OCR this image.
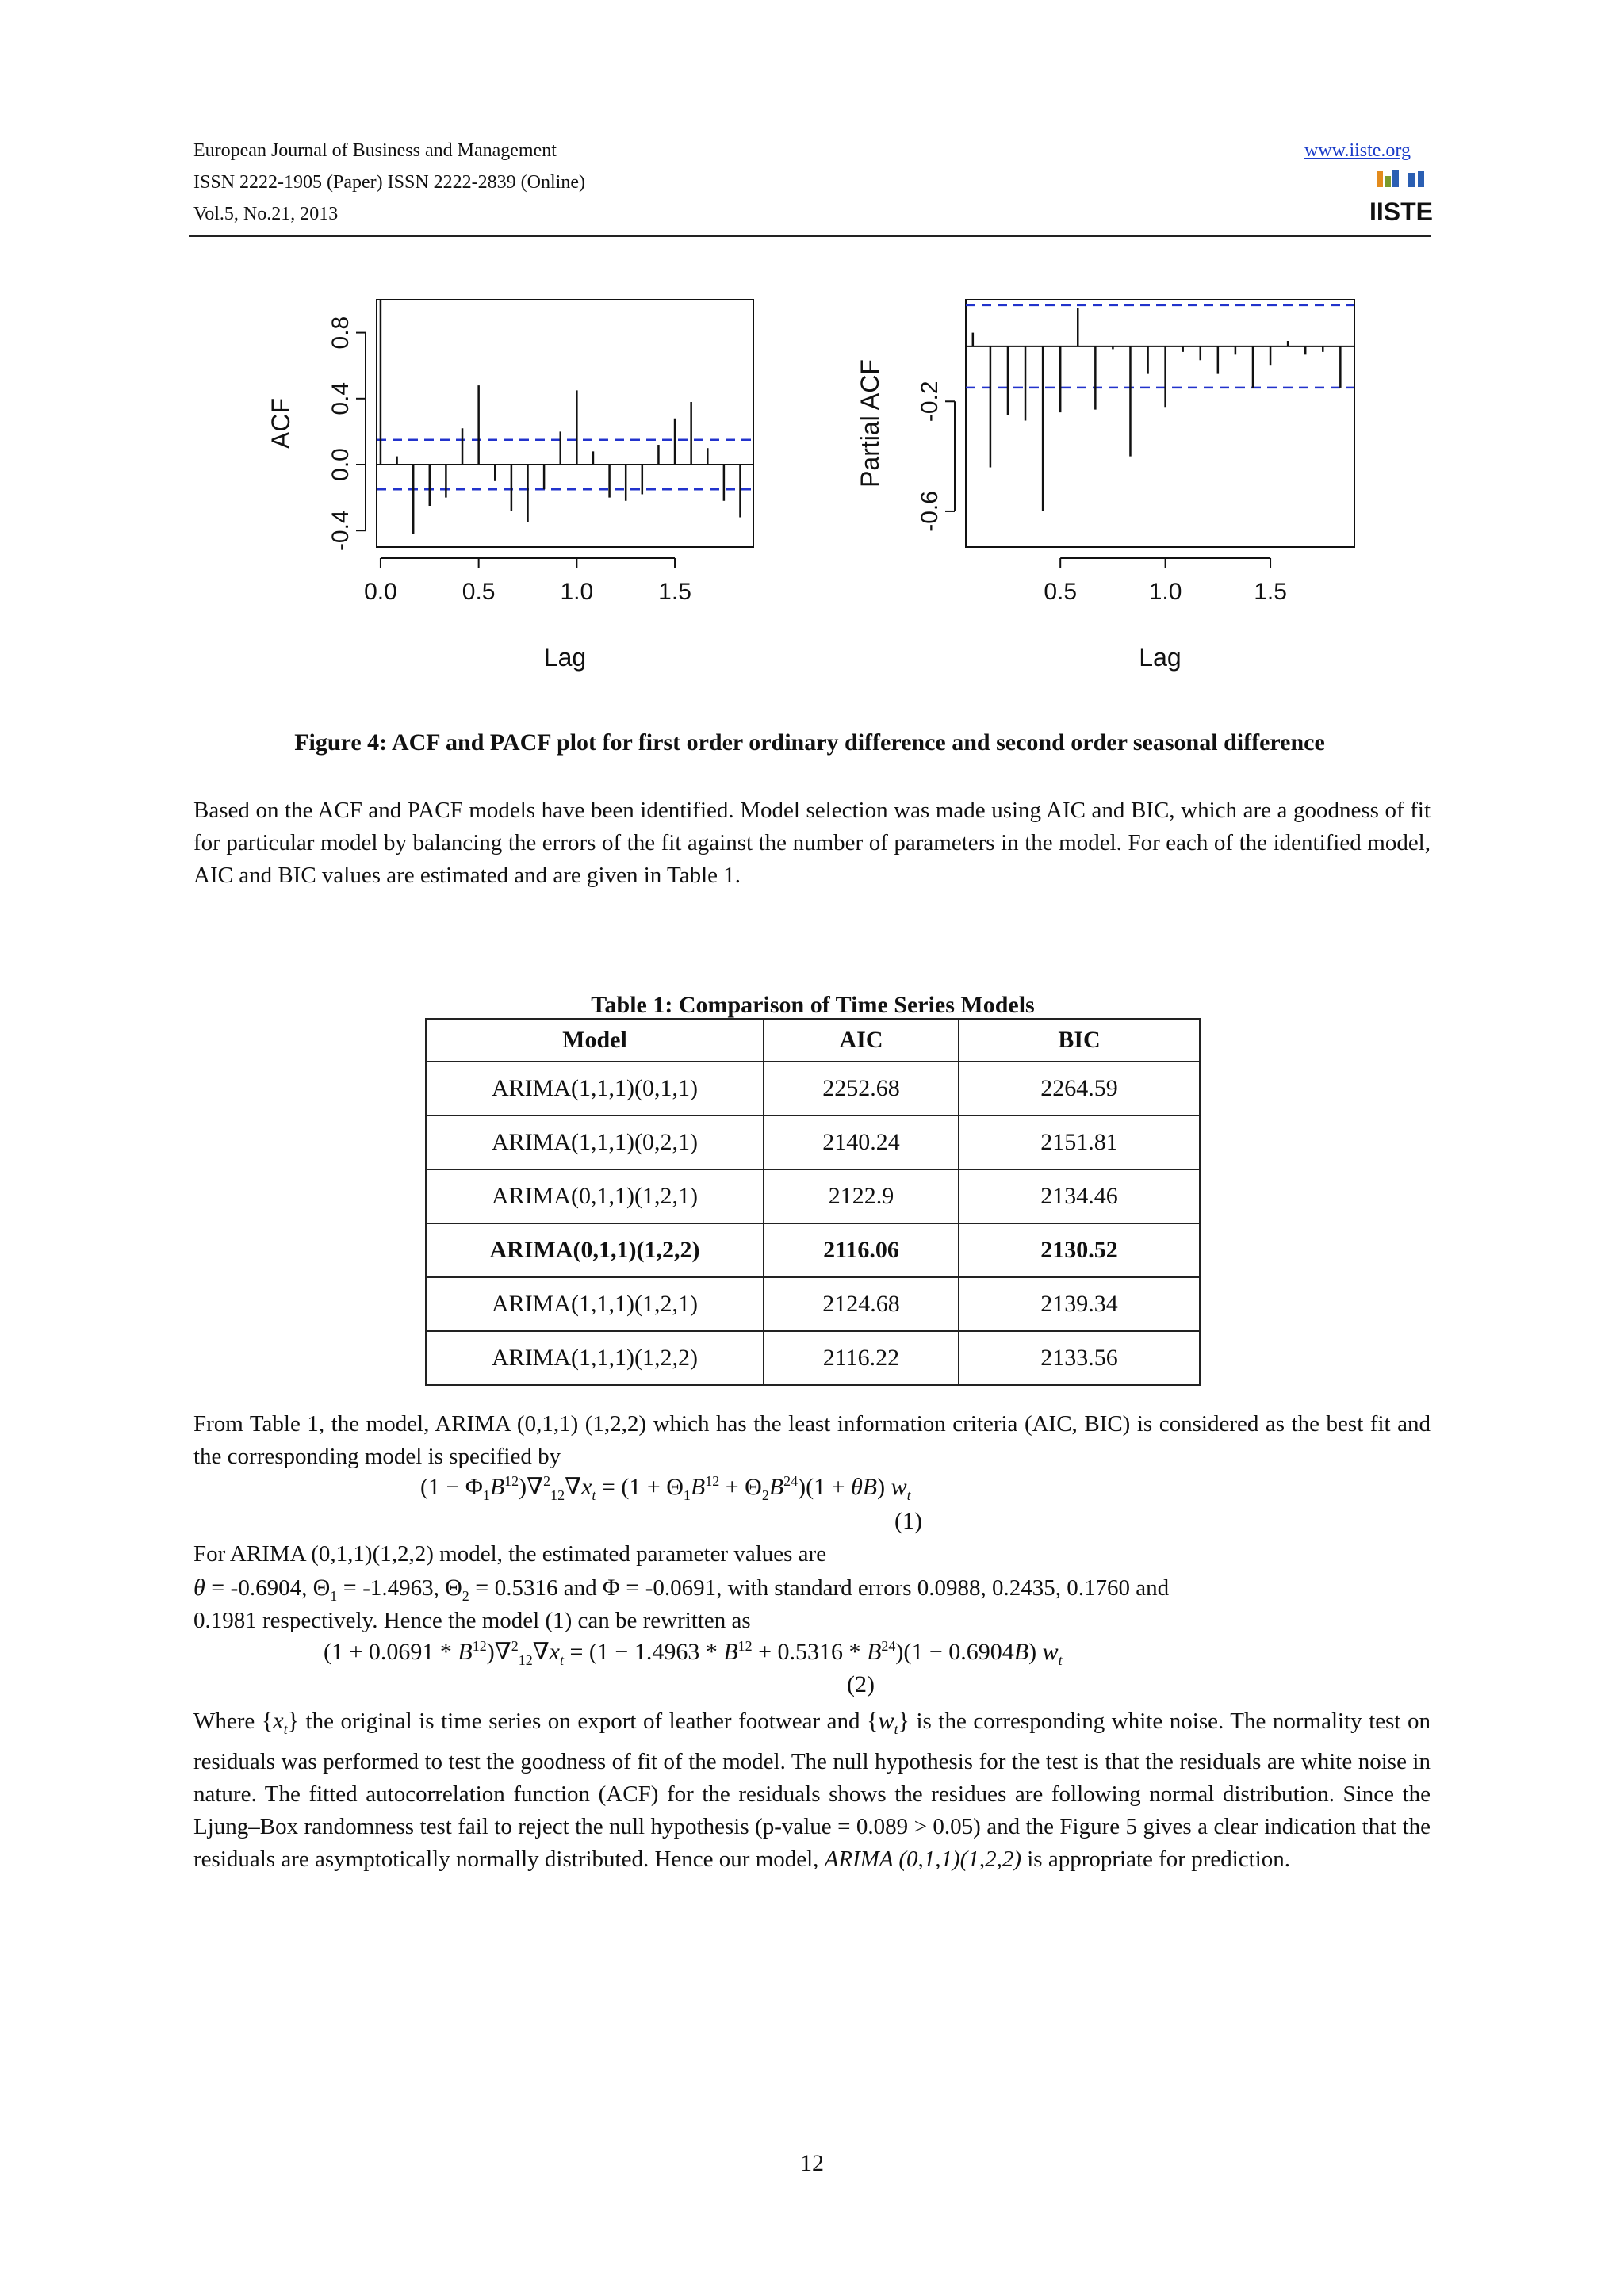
European Journal of Business and Management
ISSN 2222-1905 (Paper) ISSN 2222-2839 (Online)
Vol.5, No.21, 2013
www.iiste.org
IISTE
0.0	0.5	1.0	1.5
-0.4
0.0
0.4
0.8
Lag
ACF
0.5	1.0	1.5
-0.6
-0.2
Lag
Partial ACF
Figure 4: ACF and PACF plot for first order ordinary difference and second order seasonal difference
Based on the ACF and PACF models have been identified. Model selection was made using AIC and BIC, which are a goodness of fit for particular model by balancing the errors of the fit against the number of parameters in the model. For each of the identified model, AIC and BIC values are estimated and are given in Table 1.
Table 1: Comparison of Time Series Models
Model	AIC	BIC
ARIMA(1,1,1)(0,1,1)	2252.68	2264.59
ARIMA(1,1,1)(0,2,1)	2140.24	2151.81
ARIMA(0,1,1)(1,2,1)	2122.9	2134.46
ARIMA(0,1,1)(1,2,2)	2116.06	2130.52
ARIMA(1,1,1)(1,2,1)	2124.68	2139.34
ARIMA(1,1,1)(1,2,2)	2116.22	2133.56
From Table 1, the model, ARIMA (0,1,1) (1,2,2) which has the least information criteria (AIC, BIC) is considered as the best fit and the corresponding model is specified by
$(1 - \Phi_1B^{12})\nabla^2_{12}\nabla x_t = (1 + \Theta_1B^{12} + \Theta_2B^{24})(1 + \theta B)$ $w_t$
(1)
For ARIMA (0,1,1)(1,2,2) model, the estimated parameter values are
θ = -0.6904, $\Theta_1 = -1.4963$, $\Theta_2 = 0.5316$ and Φ = -0.0691, with standard errors 0.0988, 0.2435, 0.1760 and
0.1981 respectively. Hence the model (1) can be rewritten as
$(1 + 0.0691 * B^{12})\nabla^2_{12}\nabla x_t = (1 - 1.4963 * B^{12} + 0.5316 * B^{24})(1 - 0.6904B)$ $w_t$
(2)
Where $\{x_t\}$ the original is time series on export of leather footwear and $\{w_t\}$ is the corresponding white noise. The normality test on residuals was performed to test the goodness of fit of the model. The null hypothesis for the test is that the residuals are white noise in nature. The fitted autocorrelation function (ACF) for the residuals shows the residues are following normal distribution. Since the Ljung–Box randomness test fail to reject the null hypothesis (p-value = 0.089 > 0.05) and the Figure 5 gives a clear indication that the residuals are asymptotically normally distributed. Hence our model, ARIMA (0,1,1)(1,2,2) is appropriate for prediction.
12
